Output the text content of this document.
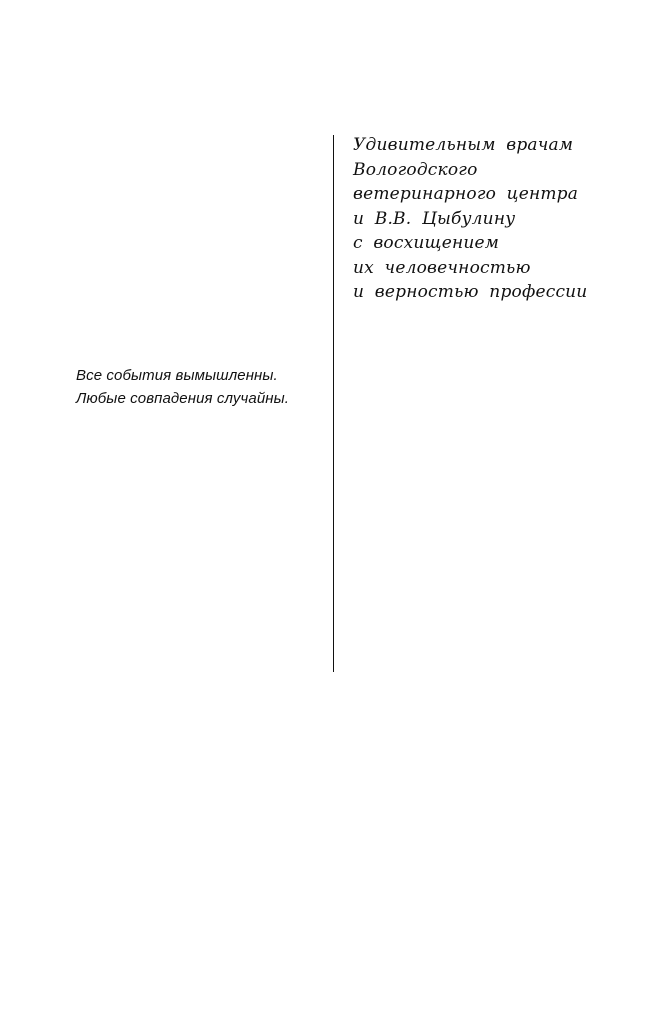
Все события вымышленны.
Любые совпадения случайны.
Удивительным врачам
Вологодского
ветеринарного центра
и В.В. Цыбулину
с восхищением
их человечностью
и верностью профессии
